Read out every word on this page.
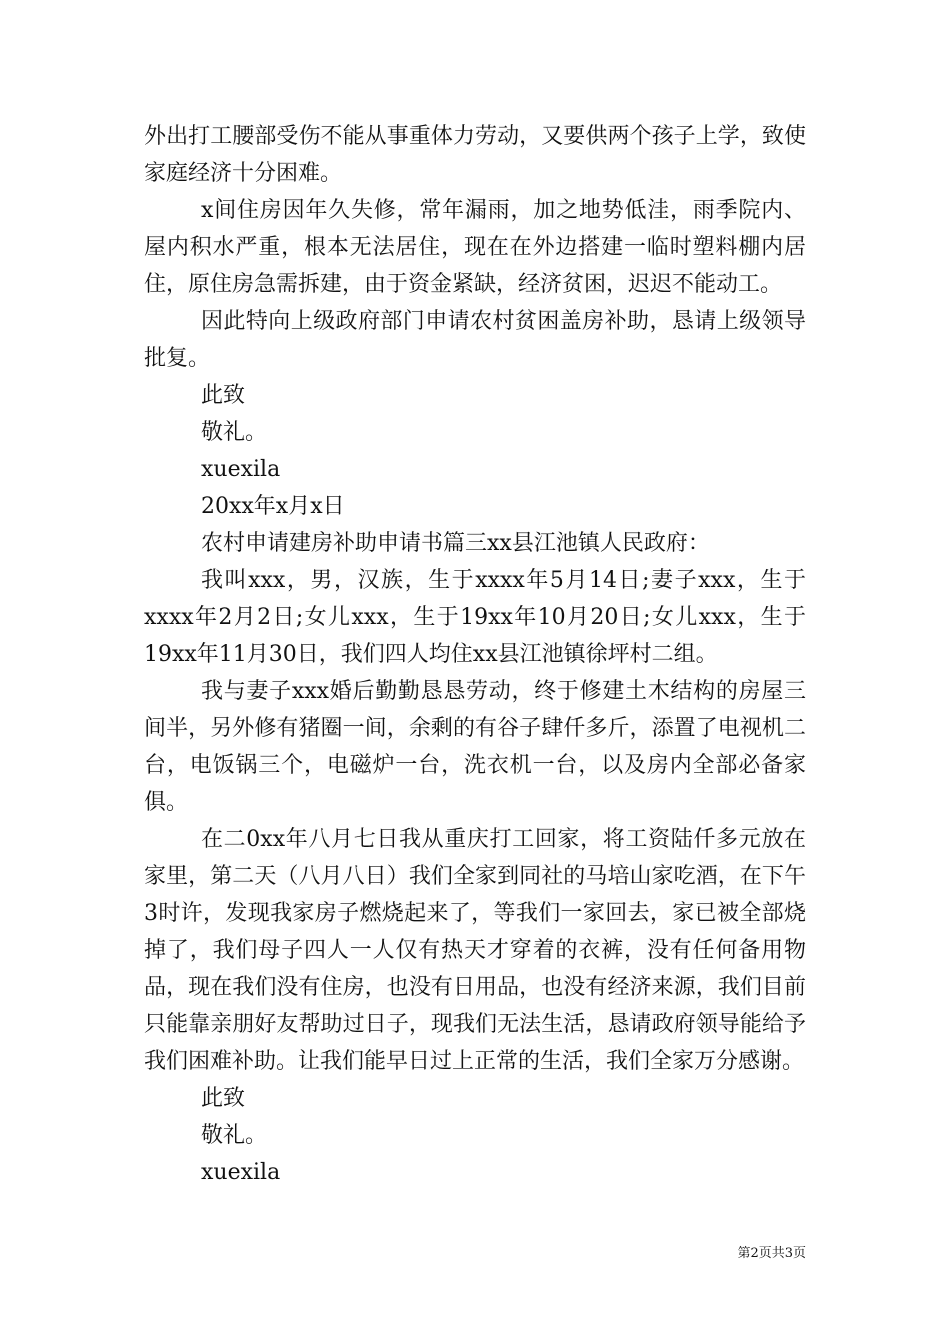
外出打工腰部受伤不能从事重体力劳动，又要供两个孩子上学，致使家庭经济十分困难。

x间住房因年久失修，常年漏雨，加之地势低洼，雨季院内、屋内积水严重，根本无法居住，现在在外边搭建一临时塑料棚内居住，原住房急需拆建，由于资金紧缺，经济贫困，迟迟不能动工。

因此特向上级政府部门申请农村贫困盖房补助，恳请上级领导批复。

此致

敬礼。

xuexila

20xx年x月x日

农村申请建房补助申请书篇三xx县江池镇人民政府：

我叫xxx，男，汉族，生于xxxx年5月14日;妻子xxx，生于xxxx年2月2日;女儿xxx，生于19xx年10月20日;女儿xxx，生于19xx年11月30日，我们四人均住xx县江池镇徐坪村二组。

我与妻子xxx婚后勤勤恳恳劳动，终于修建土木结构的房屋三间半，另外修有猪圈一间，余剩的有谷子肆仟多斤，添置了电视机二台，电饭锅三个，电磁炉一台，洗衣机一台，以及房内全部必备家俱。

在二0xx年八月七日我从重庆打工回家，将工资陆仟多元放在家里，第二天（八月八日）我们全家到同社的马培山家吃酒，在下午3时许，发现我家房子燃烧起来了，等我们一家回去，家已被全部烧掉了，我们母子四人一人仅有热天才穿着的衣裤，没有任何备用物品，现在我们没有住房，也没有日用品，也没有经济来源，我们目前只能靠亲朋好友帮助过日子，现我们无法生活，恳请政府领导能给予我们困难补助。让我们能早日过上正常的生活，我们全家万分感谢。

此致

敬礼。

xuexila

第2页共3页
